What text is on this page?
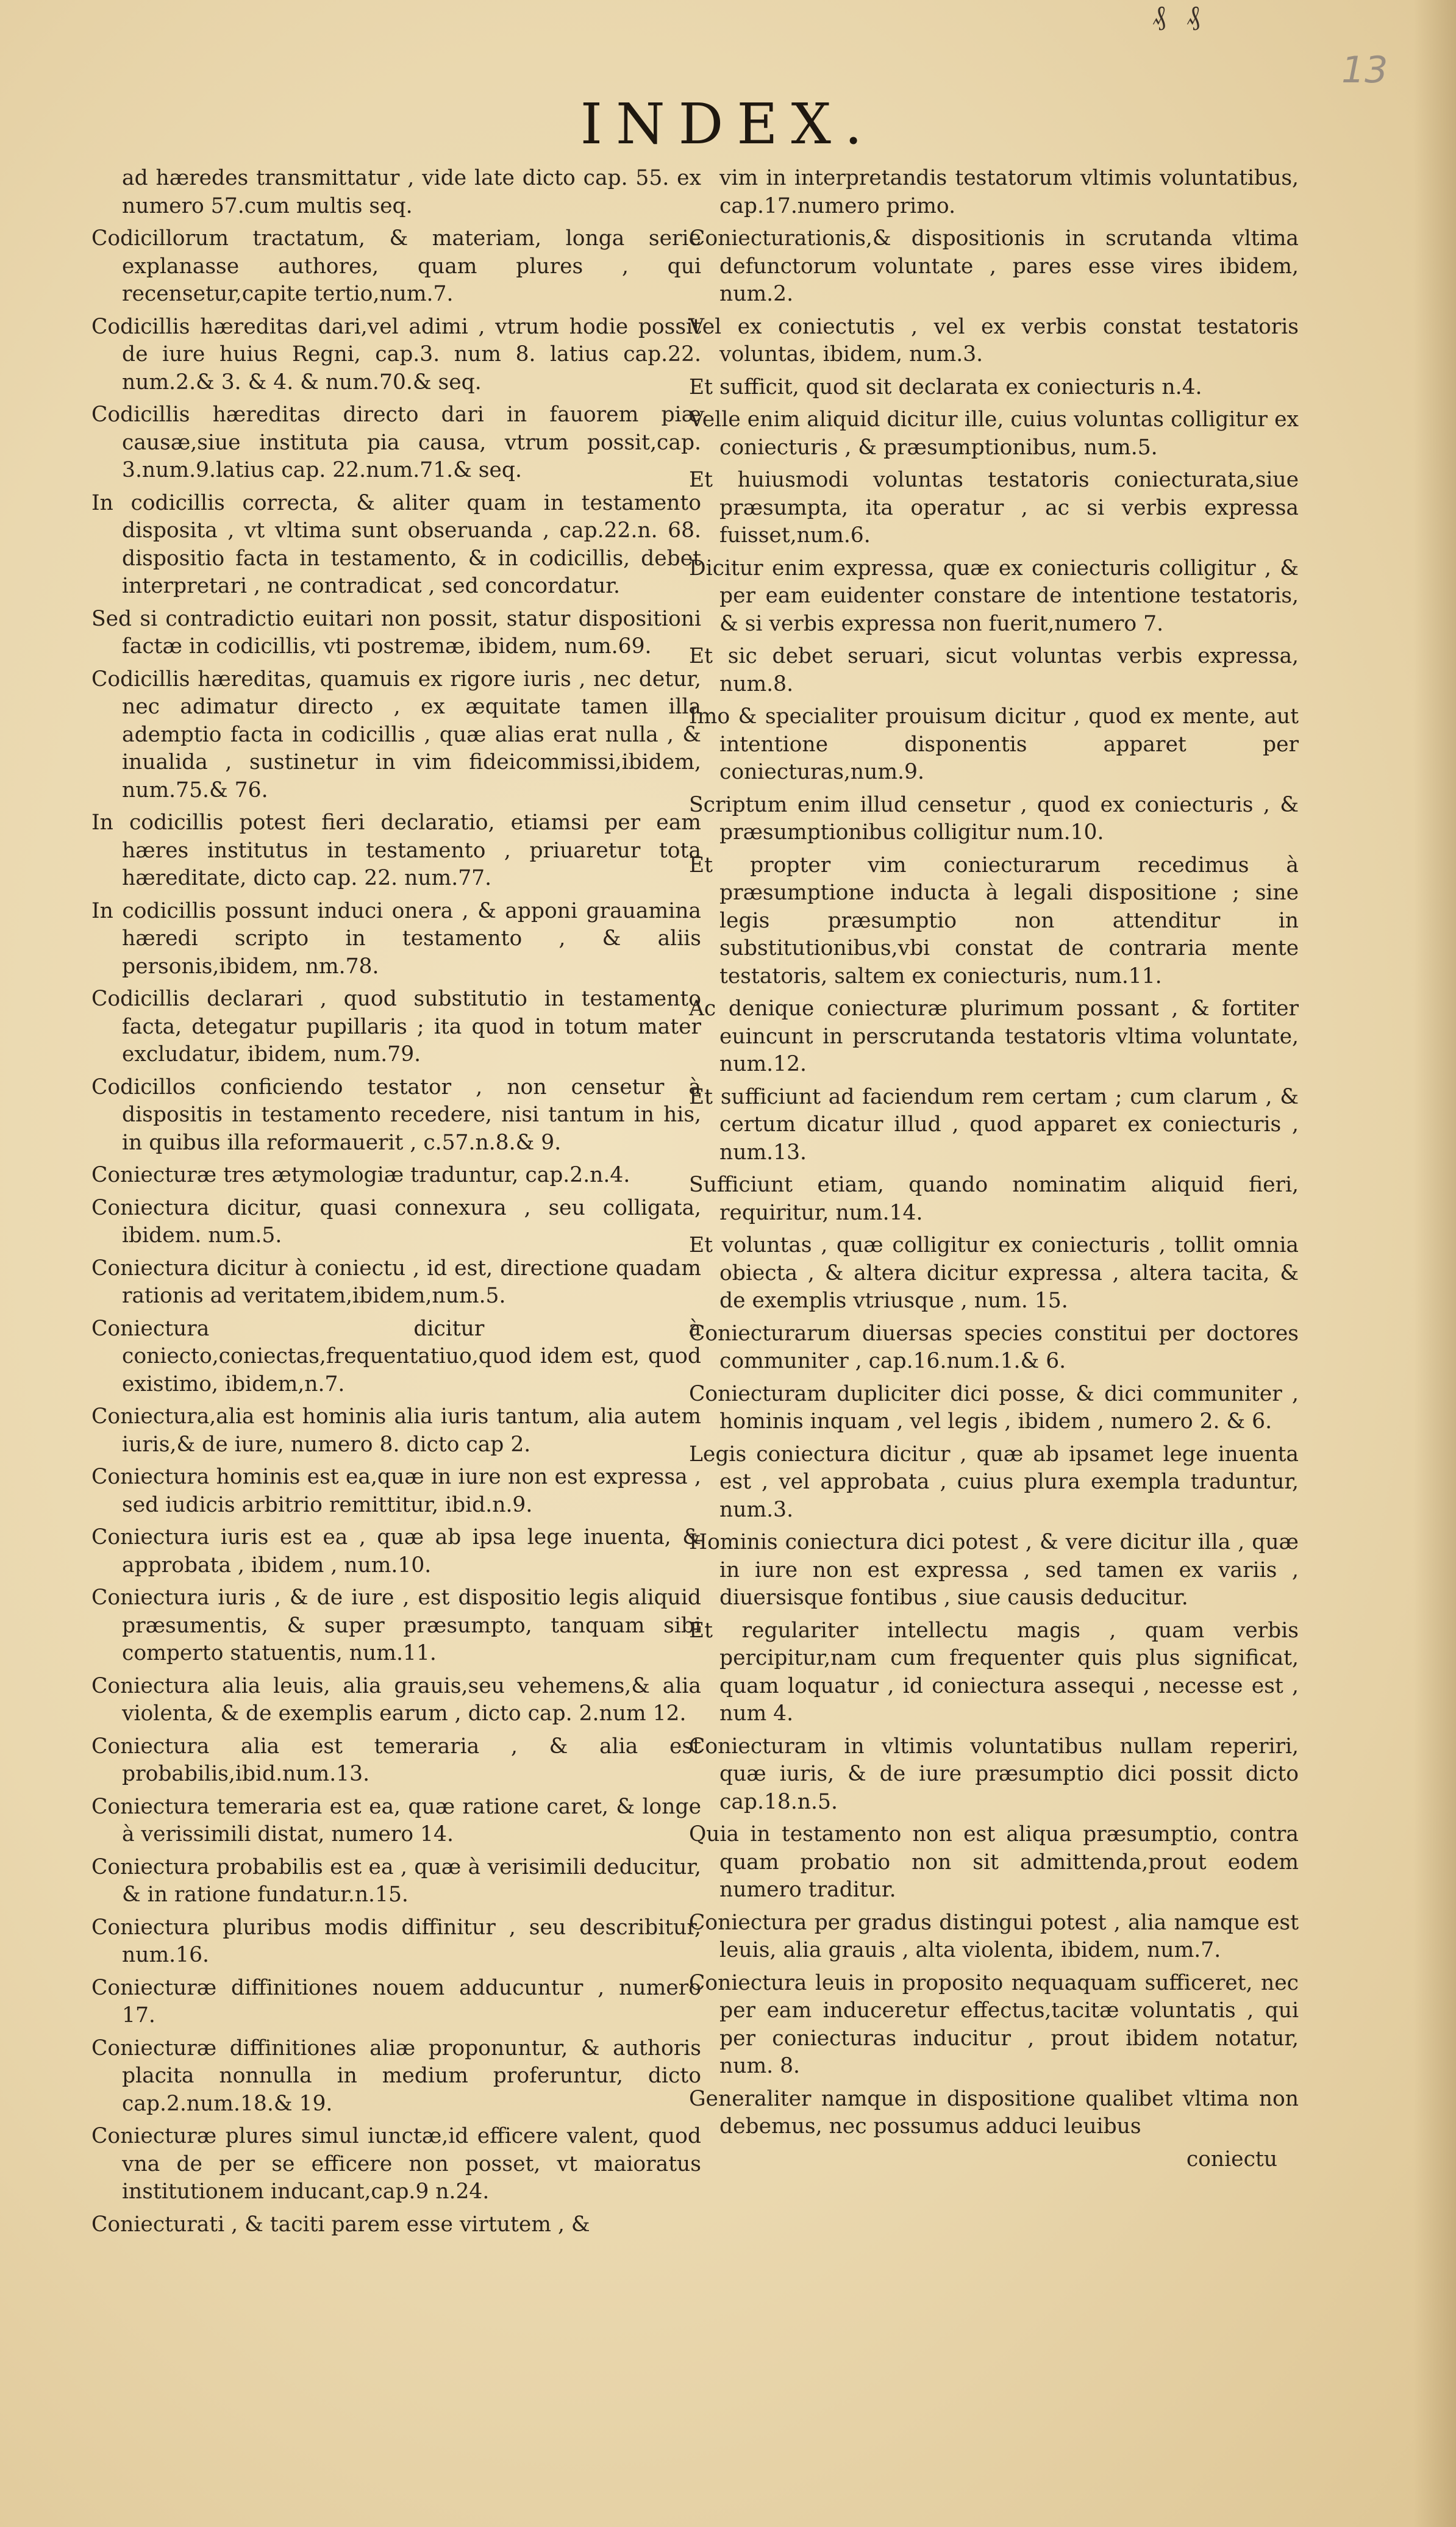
₰ ₰
13
INDEX.

ad hæredes transmittatur , vide late dicto cap. 55. ex numero 57.cum multis seq.

Codicillorum tractatum, & materiam, longa serie explanasse authores, quam plures , qui recensetur,capite tertio,num.7.

Codicillis hæreditas dari,vel adimi , vtrum hodie possit de iure huius Regni, cap.3. num 8. latius cap.22. num.2.& 3. & 4. & num.70.& seq.

Codicillis hæreditas directo dari in fauorem piæ causæ,siue instituta pia causa, vtrum possit,cap. 3.num.9.latius cap. 22.num.71.& seq.

In codicillis correcta, & aliter quam in testamento disposita , vt vltima sunt obseruanda , cap.22.n. 68. dispositio facta in testamento, & in codicillis, debet interpretari , ne contradicat , sed concordatur.

Sed si contradictio euitari non possit, statur dispositioni factæ in codicillis, vti postremæ, ibidem, num.69.

Codicillis hæreditas, quamuis ex rigore iuris , nec detur, nec adimatur directo , ex æquitate tamen illa ademptio facta in codicillis , quæ alias erat nulla , & inualida , sustinetur in vim fideicommissi,ibidem, num.75.& 76.

In codicillis potest fieri declaratio, etiamsi per eam hæres institutus in testamento , priuaretur tota hæreditate, dicto cap. 22. num.77.

In codicillis possunt induci onera , & apponi grauamina hæredi scripto in testamento , & aliis personis,ibidem, nm.78.

Codicillis declarari , quod substitutio in testamento facta, detegatur pupillaris ; ita quod in totum mater excludatur, ibidem, num.79.

Codicillos conficiendo testator , non censetur à dispositis in testamento recedere, nisi tantum in his, in quibus illa reformauerit , c.57.n.8.& 9.

Coniecturæ tres ætymologiæ traduntur, cap.2.n.4.

Coniectura dicitur, quasi connexura , seu colligata, ibidem. num.5.

Coniectura dicitur à coniectu , id est, directione quadam rationis ad veritatem,ibidem,num.5.

Coniectura dicitur à coniecto,coniectas,frequentatiuo,quod idem est, quod existimo, ibidem,n.7.

Coniectura,alia est hominis alia iuris tantum, alia autem iuris,& de iure, numero 8. dicto cap 2.

Coniectura hominis est ea,quæ in iure non est expressa , sed iudicis arbitrio remittitur, ibid.n.9.

Coniectura iuris est ea , quæ ab ipsa lege inuenta, & approbata , ibidem , num.10.

Coniectura iuris , & de iure , est dispositio legis aliquid præsumentis, & super præsumpto, tanquam sibi comperto statuentis, num.11.

Coniectura alia leuis, alia grauis,seu vehemens,& alia violenta, & de exemplis earum , dicto cap. 2.num 12.

Coniectura alia est temeraria , & alia est probabilis,ibid.num.13.

Coniectura temeraria est ea, quæ ratione caret, & longe à verissimili distat, numero 14.

Coniectura probabilis est ea , quæ à verisimili deducitur, & in ratione fundatur.n.15.

Coniectura pluribus modis diffinitur , seu describitur, num.16.

Coniecturæ diffinitiones nouem adducuntur , numero 17.

Coniecturæ diffinitiones aliæ proponuntur, & authoris placita nonnulla in medium proferuntur, dicto cap.2.num.18.& 19.

Coniecturæ plures simul iunctæ,id efficere valent, quod vna de per se efficere non posset, vt maioratus institutionem inducant,cap.9 n.24.

Coniecturati , & taciti parem esse virtutem , &

vim in interpretandis testatorum vltimis voluntatibus, cap.17.numero primo.

Coniecturationis,& dispositionis in scrutanda vltima defunctorum voluntate , pares esse vires ibidem, num.2.

Vel ex coniectutis , vel ex verbis constat testatoris voluntas, ibidem, num.3.

Et sufficit, quod sit declarata ex coniecturis n.4.

Velle enim aliquid dicitur ille, cuius voluntas colligitur ex coniecturis , & præsumptionibus, num.5.

Et huiusmodi voluntas testatoris coniecturata,siue præsumpta, ita operatur , ac si verbis expressa fuisset,num.6.

Dicitur enim expressa, quæ ex coniecturis colligitur , & per eam euidenter constare de intentione testatoris, & si verbis expressa non fuerit,numero 7.

Et sic debet seruari, sicut voluntas verbis expressa, num.8.

Imo & specialiter prouisum dicitur , quod ex mente, aut intentione disponentis apparet per coniecturas,num.9.

Scriptum enim illud censetur , quod ex coniecturis , & præsumptionibus colligitur num.10.

Et propter vim coniecturarum recedimus à præsumptione inducta à legali dispositione ; sine legis præsumptio non attenditur in substitutionibus,vbi constat de contraria mente testatoris, saltem ex coniecturis, num.11.

Ac denique coniecturæ plurimum possant , & fortiter euincunt in perscrutanda testatoris vltima voluntate, num.12.

Et sufficiunt ad faciendum rem certam ; cum clarum , & certum dicatur illud , quod apparet ex coniecturis , num.13.

Sufficiunt etiam, quando nominatim aliquid fieri, requiritur, num.14.

Et voluntas , quæ colligitur ex coniecturis , tollit omnia obiecta , & altera dicitur expressa , altera tacita, & de exemplis vtriusque , num. 15.

Coniecturarum diuersas species constitui per doctores communiter , cap.16.num.1.& 6.

Coniecturam dupliciter dici posse, & dici communiter , hominis inquam , vel legis , ibidem , numero 2. & 6.

Legis coniectura dicitur , quæ ab ipsamet lege inuenta est , vel approbata , cuius plura exempla traduntur, num.3.

Hominis coniectura dici potest , & vere dicitur illa , quæ in iure non est expressa , sed tamen ex variis , diuersisque fontibus , siue causis deducitur.

Et regulariter intellectu magis , quam verbis percipitur,nam cum frequenter quis plus significat, quam loquatur , id coniectura assequi , necesse est , num 4.

Coniecturam in vltimis voluntatibus nullam reperiri, quæ iuris, & de iure præsumptio dici possit dicto cap.18.n.5.

Quia in testamento non est aliqua præsumptio, contra quam probatio non sit admittenda,prout eodem numero traditur.

Coniectura per gradus distingui potest , alia namque est leuis, alia grauis , alta violenta, ibidem, num.7.

Coniectura leuis in proposito nequaquam sufficeret, nec per eam induceretur effectus,tacitæ voluntatis , qui per coniecturas inducitur , prout ibidem notatur, num. 8.

Generaliter namque in dispositione qualibet vltima non debemus, nec possumus adduci leuibus

coniectu
